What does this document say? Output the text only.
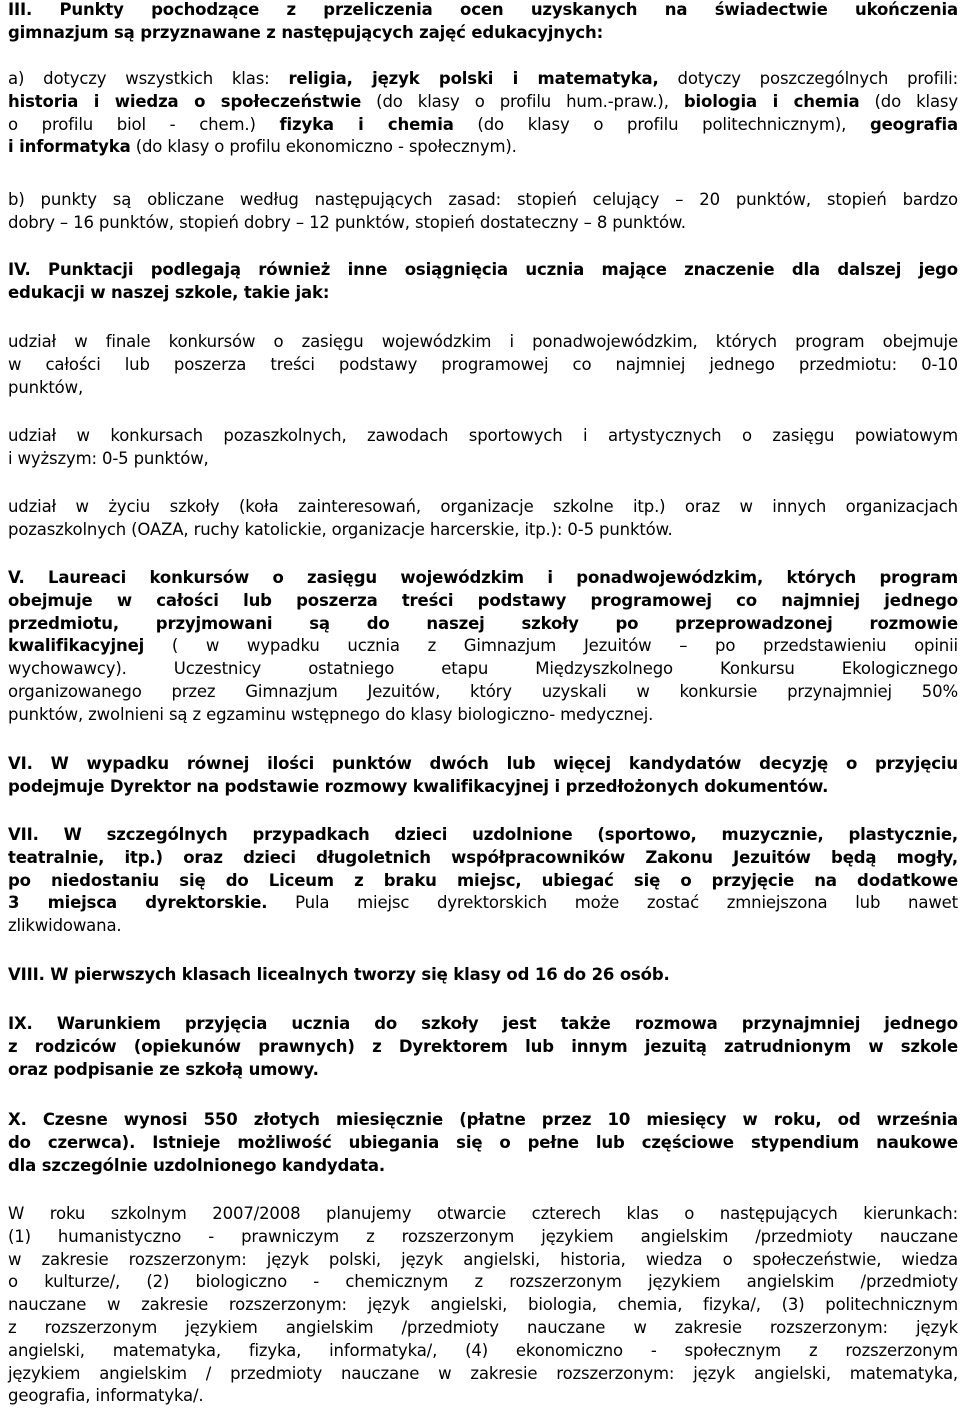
III. Punkty pochodzące z przeliczenia ocen uzyskanych na świadectwie ukończenia
gimnazjum są przyznawane z następujących zajęć edukacyjnych:
a) dotyczy wszystkich klas: religia, język polski i matematyka, dotyczy poszczególnych profili:
historia i wiedza o społeczeństwie (do klasy o profilu hum.-praw.), biologia i chemia (do klasy
o profilu biol - chem.) fizyka i chemia (do klasy o profilu politechnicznym), geografia
i informatyka (do klasy o profilu ekonomiczno - społecznym).
b) punkty są obliczane według następujących zasad: stopień celujący – 20 punktów, stopień bardzo
dobry – 16 punktów, stopień dobry – 12 punktów, stopień dostateczny – 8 punktów.
IV. Punktacji podlegają również inne osiągnięcia ucznia mające znaczenie dla dalszej jego
edukacji w naszej szkole, takie jak:
udział w finale konkursów o zasięgu wojewódzkim i ponadwojewódzkim, których program obejmuje
w całości lub poszerza treści podstawy programowej co najmniej jednego przedmiotu: 0-10
punktów,
udział w konkursach pozaszkolnych, zawodach sportowych i artystycznych o zasięgu powiatowym
i wyższym: 0-5 punktów,
udział w życiu szkoły (koła zainteresowań, organizacje szkolne itp.) oraz w innych organizacjach
pozaszkolnych (OAZA, ruchy katolickie, organizacje harcerskie, itp.): 0-5 punktów.
V. Laureaci konkursów o zasięgu wojewódzkim i ponadwojewódzkim, których program
obejmuje w całości lub poszerza treści podstawy programowej co najmniej jednego
przedmiotu, przyjmowani są do naszej szkoły po przeprowadzonej rozmowie
kwalifikacyjnej ( w wypadku ucznia z Gimnazjum Jezuitów – po przedstawieniu opinii
wychowawcy). Uczestnicy ostatniego etapu Międzyszkolnego Konkursu Ekologicznego
organizowanego przez Gimnazjum Jezuitów, który uzyskali w konkursie przynajmniej 50%
punktów, zwolnieni są z egzaminu wstępnego do klasy biologiczno- medycznej.
VI. W wypadku równej ilości punktów dwóch lub więcej kandydatów decyzję o przyjęciu
podejmuje Dyrektor na podstawie rozmowy kwalifikacyjnej i przedłożonych dokumentów.
VII. W szczególnych przypadkach dzieci uzdolnione (sportowo, muzycznie, plastycznie,
teatralnie, itp.) oraz dzieci długoletnich współpracowników Zakonu Jezuitów będą mogły,
po niedostaniu się do Liceum z braku miejsc, ubiegać się o przyjęcie na dodatkowe
3 miejsca dyrektorskie. Pula miejsc dyrektorskich może zostać zmniejszona lub nawet
zlikwidowana.
VIII. W pierwszych klasach licealnych tworzy się klasy od 16 do 26 osób.
IX. Warunkiem przyjęcia ucznia do szkoły jest także rozmowa przynajmniej jednego
z rodziców (opiekunów prawnych) z Dyrektorem lub innym jezuitą zatrudnionym w szkole
oraz podpisanie ze szkołą umowy.
X. Czesne wynosi 550 złotych miesięcznie (płatne przez 10 miesięcy w roku, od września
do czerwca). Istnieje możliwość ubiegania się o pełne lub częściowe stypendium naukowe
dla szczególnie uzdolnionego kandydata.
W roku szkolnym 2007/2008 planujemy otwarcie czterech klas o następujących kierunkach:
(1) humanistyczno - prawniczym z rozszerzonym językiem angielskim /przedmioty nauczane
w zakresie rozszerzonym: język polski, język angielski, historia, wiedza o społeczeństwie, wiedza
o kulturze/, (2) biologiczno - chemicznym z rozszerzonym językiem angielskim /przedmioty
nauczane w zakresie rozszerzonym: język angielski, biologia, chemia, fizyka/, (3) politechnicznym
z rozszerzonym językiem angielskim /przedmioty nauczane w zakresie rozszerzonym: język
angielski, matematyka, fizyka, informatyka/, (4) ekonomiczno - społecznym z rozszerzonym
językiem angielskim / przedmioty nauczane w zakresie rozszerzonym: język angielski, matematyka,
geografia, informatyka/.
